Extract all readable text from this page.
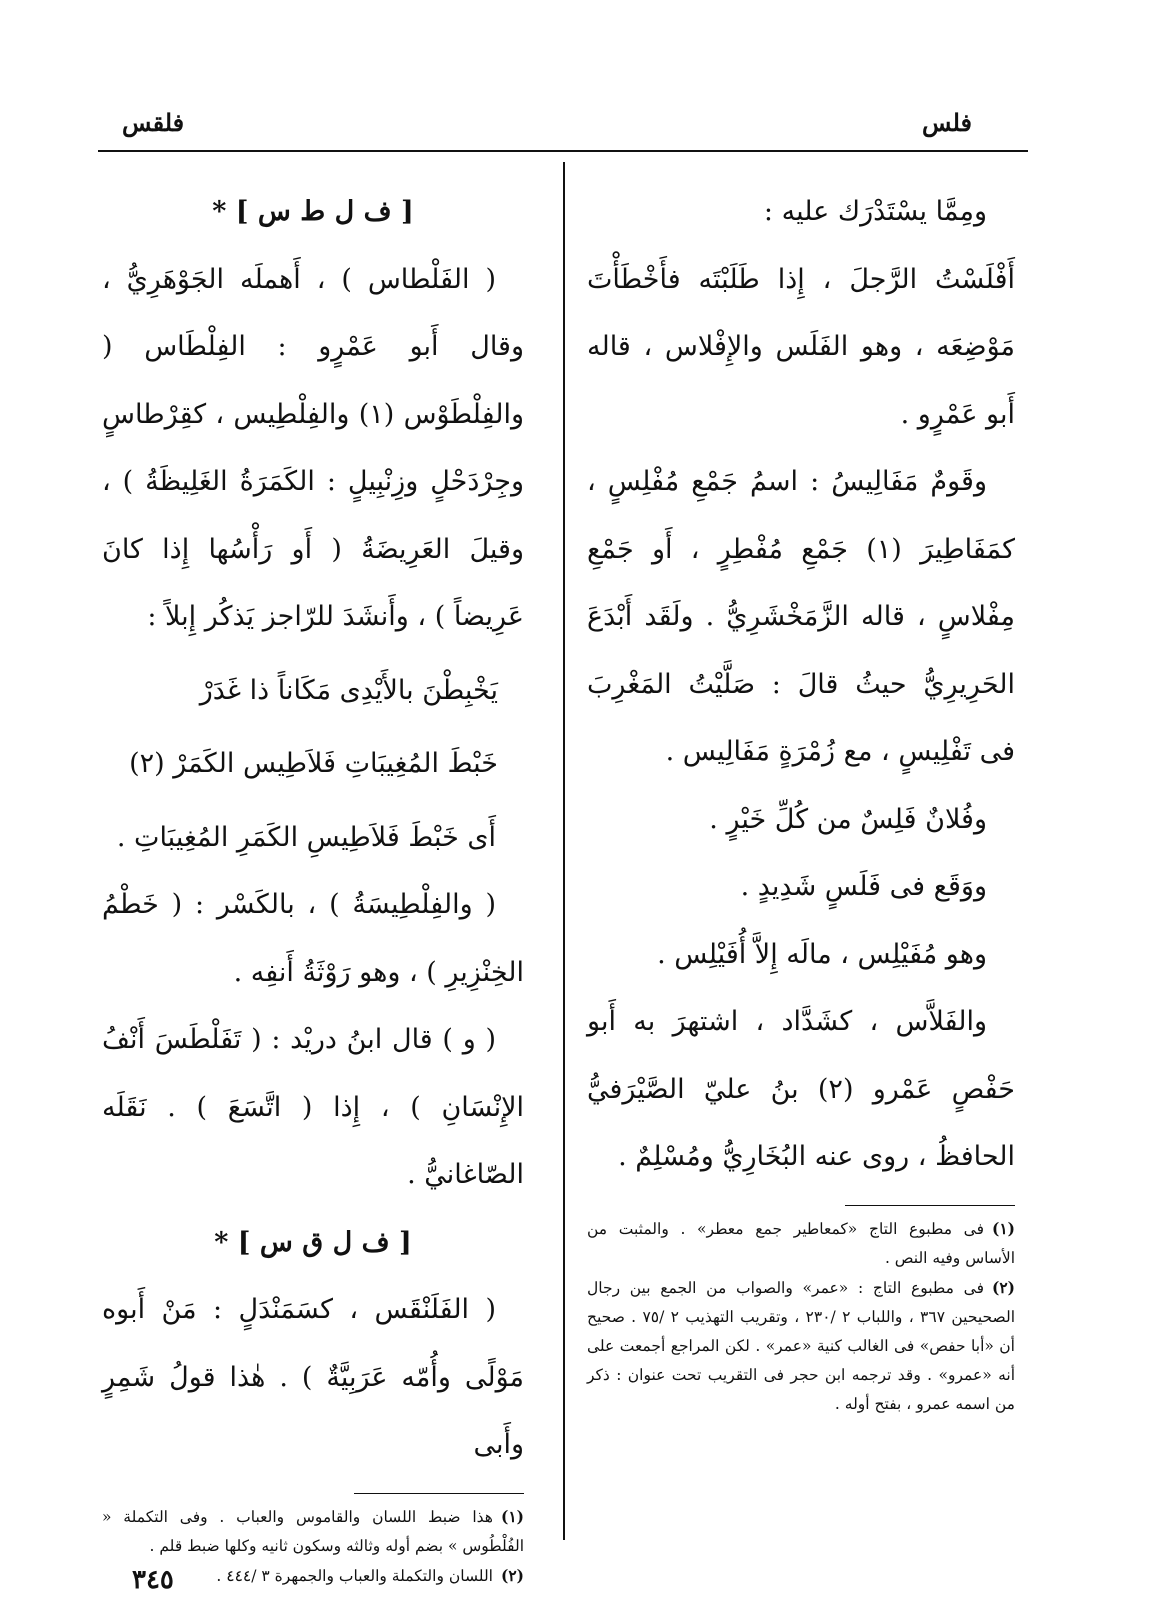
فلس
فلقس

ومِمَّا يسْتَدْرَك عليه :

أَفْلَسْتُ الرَّجلَ ، إِذا طَلَبْتَه فأَخْطَأْتَ مَوْضِعَه ، وهو الفَلَس والإِفْلاس ، قاله أَبو عَمْرٍو .

وقَومٌ مَفَالِيسُ : اسمُ جَمْعِ مُفْلِسٍ ، كمَفَاطِيرَ (١) جَمْعِ مُفْطِرٍ ، أَو جَمْعِ مِفْلاسٍ ، قاله الزَّمَخْشَرِيُّ . ولَقَد أَبْدَعَ الحَرِيرِيُّ حيثُ قالَ : صَلَّيْتُ المَغْرِبَ فى تَفْلِيسٍ ، مع زُمْرَةٍ مَفَالِيس .

وفُلانٌ فَلِسٌ من كُلِّ خَيْرٍ .

ووَقَع فى فَلَسٍ شَدِيدٍ .

وهو مُفَيْلِس ، مالَه إِلاَّ أُفَيْلِس .

والفَلاَّس ، كشَدَّاد ، اشتهرَ به أَبو حَفْصٍ عَمْرو (٢) بنُ عليّ الصَّيْرَفيُّ الحافظُ ، روى عنه البُخَارِيُّ ومُسْلِمٌ .

(١)فى مطبوع التاج «كمعاطير جمع معطر» . والمثبت من الأساس وفيه النص .

(٢)فى مطبوع التاج : «عمر» والصواب من الجمع بين رجال الصحيحين ٣٦٧ ، واللباب ٢ /٢٣٠ ، وتقريب التهذيب ٢ /٧٥ . صحيح أن «أبا حفص» فى الغالب كنية «عمر» . لكن المراجع أجمعت على أنه «عمرو» . وقد ترجمه ابن حجر فى التقريب تحت عنوان : ذكر من اسمه عمرو ، بفتح أوله .

[ ف ل ط س ] *

( الفَلْطاس ) ، أَهملَه الجَوْهَرِيُّ ، وقال أَبو عَمْرٍو : الفِلْطَاس ( والفِلْطَوْس (١) والفِلْطِيس ، كقِرْطاسٍ وجِرْدَحْلٍ وزِنْبِيلٍ : الكَمَرَةُ الغَلِيظَةُ ) ، وقيلَ العَرِيضَةُ ( أَو رَأْسُها إِذا كانَ عَرِيضاً ) ، وأَنشَدَ للرّاجز يَذكُر إِبلاً :

يَخْبِطْنَ بالأَيْدِى مَكَاناً ذا غَدَرْ

خَبْطَ المُغِيبَاتِ فَلاَطِيس الكَمَرْ (٢)

أَى خَبْطَ فَلاَطِيسِ الكَمَرِ المُغِيبَاتِ .

( والفِلْطِيسَةُ ) ، بالكَسْر : ( خَطْمُ الخِنْزِيرِ ) ، وهو رَوْثَةُ أَنفِه .

( و ) قال ابنُ دريْد : ( تَفَلْطَسَ أَنْفُ الإِنْسَانِ ) ، إِذا ( اتَّسَعَ ) . نَقَلَه الصّاغانيُّ .

[ ف ل ق س ] *

( الفَلَنْقَس ، كسَمَنْدَلٍ : مَنْ أَبوه مَوْلًى وأُمّه عَرَبِيَّةٌ ) . هٰذا قولُ شَمِرٍ وأَبى

(١)هذا ضبط اللسان والقاموس والعباب . وفى التكملة « الفُلْطُوس » بضم أوله وثالثه وسكون ثانيه وكلها ضبط قلم .

(٢)اللسان والتكملة والعباب والجمهرة ٣ /٤٤٤ .

٣٤٥
